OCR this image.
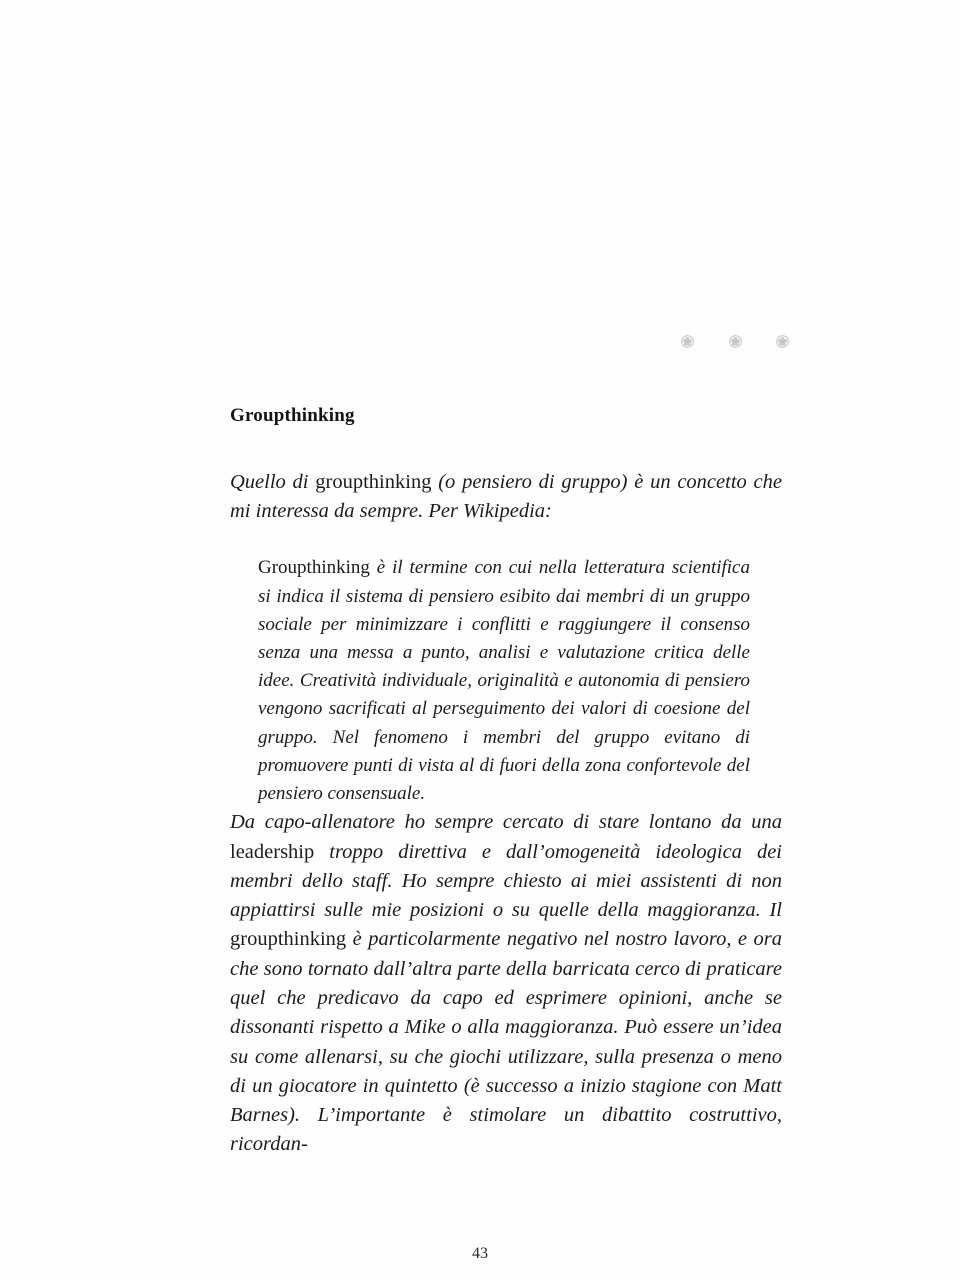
Groupthinking

Quello di groupthinking (o pensiero di gruppo) è un concetto che mi interessa da sempre. Per Wikipedia:

Groupthinking è il termine con cui nella letteratura scientifica si indica il sistema di pensiero esibito dai membri di un gruppo sociale per minimizzare i conflitti e raggiungere il consenso senza una messa a punto, analisi e valutazione critica delle idee. Creatività individuale, originalità e autonomia di pensiero vengono sacrificati al perseguimento dei valori di coesione del gruppo. Nel fenomeno i membri del gruppo evitano di promuovere punti di vista al di fuori della zona confortevole del pensiero consensuale.

Da capo-allenatore ho sempre cercato di stare lontano da una leadership troppo direttiva e dall’omogeneità ideologica dei membri dello staff. Ho sempre chiesto ai miei assistenti di non appiattirsi sulle mie posizioni o su quelle della maggioranza. Il groupthinking è particolarmente negativo nel nostro lavoro, e ora che sono tornato dall’altra parte della barricata cerco di praticare quel che predicavo da capo ed esprimere opinioni, anche se dissonanti rispetto a Mike o alla maggioranza. Può essere un’idea su come allenarsi, su che giochi utilizzare, sulla presenza o meno di un giocatore in quintetto (è successo a inizio stagione con Matt Barnes). L’importante è stimolare un dibattito costruttivo, ricordan-

43
